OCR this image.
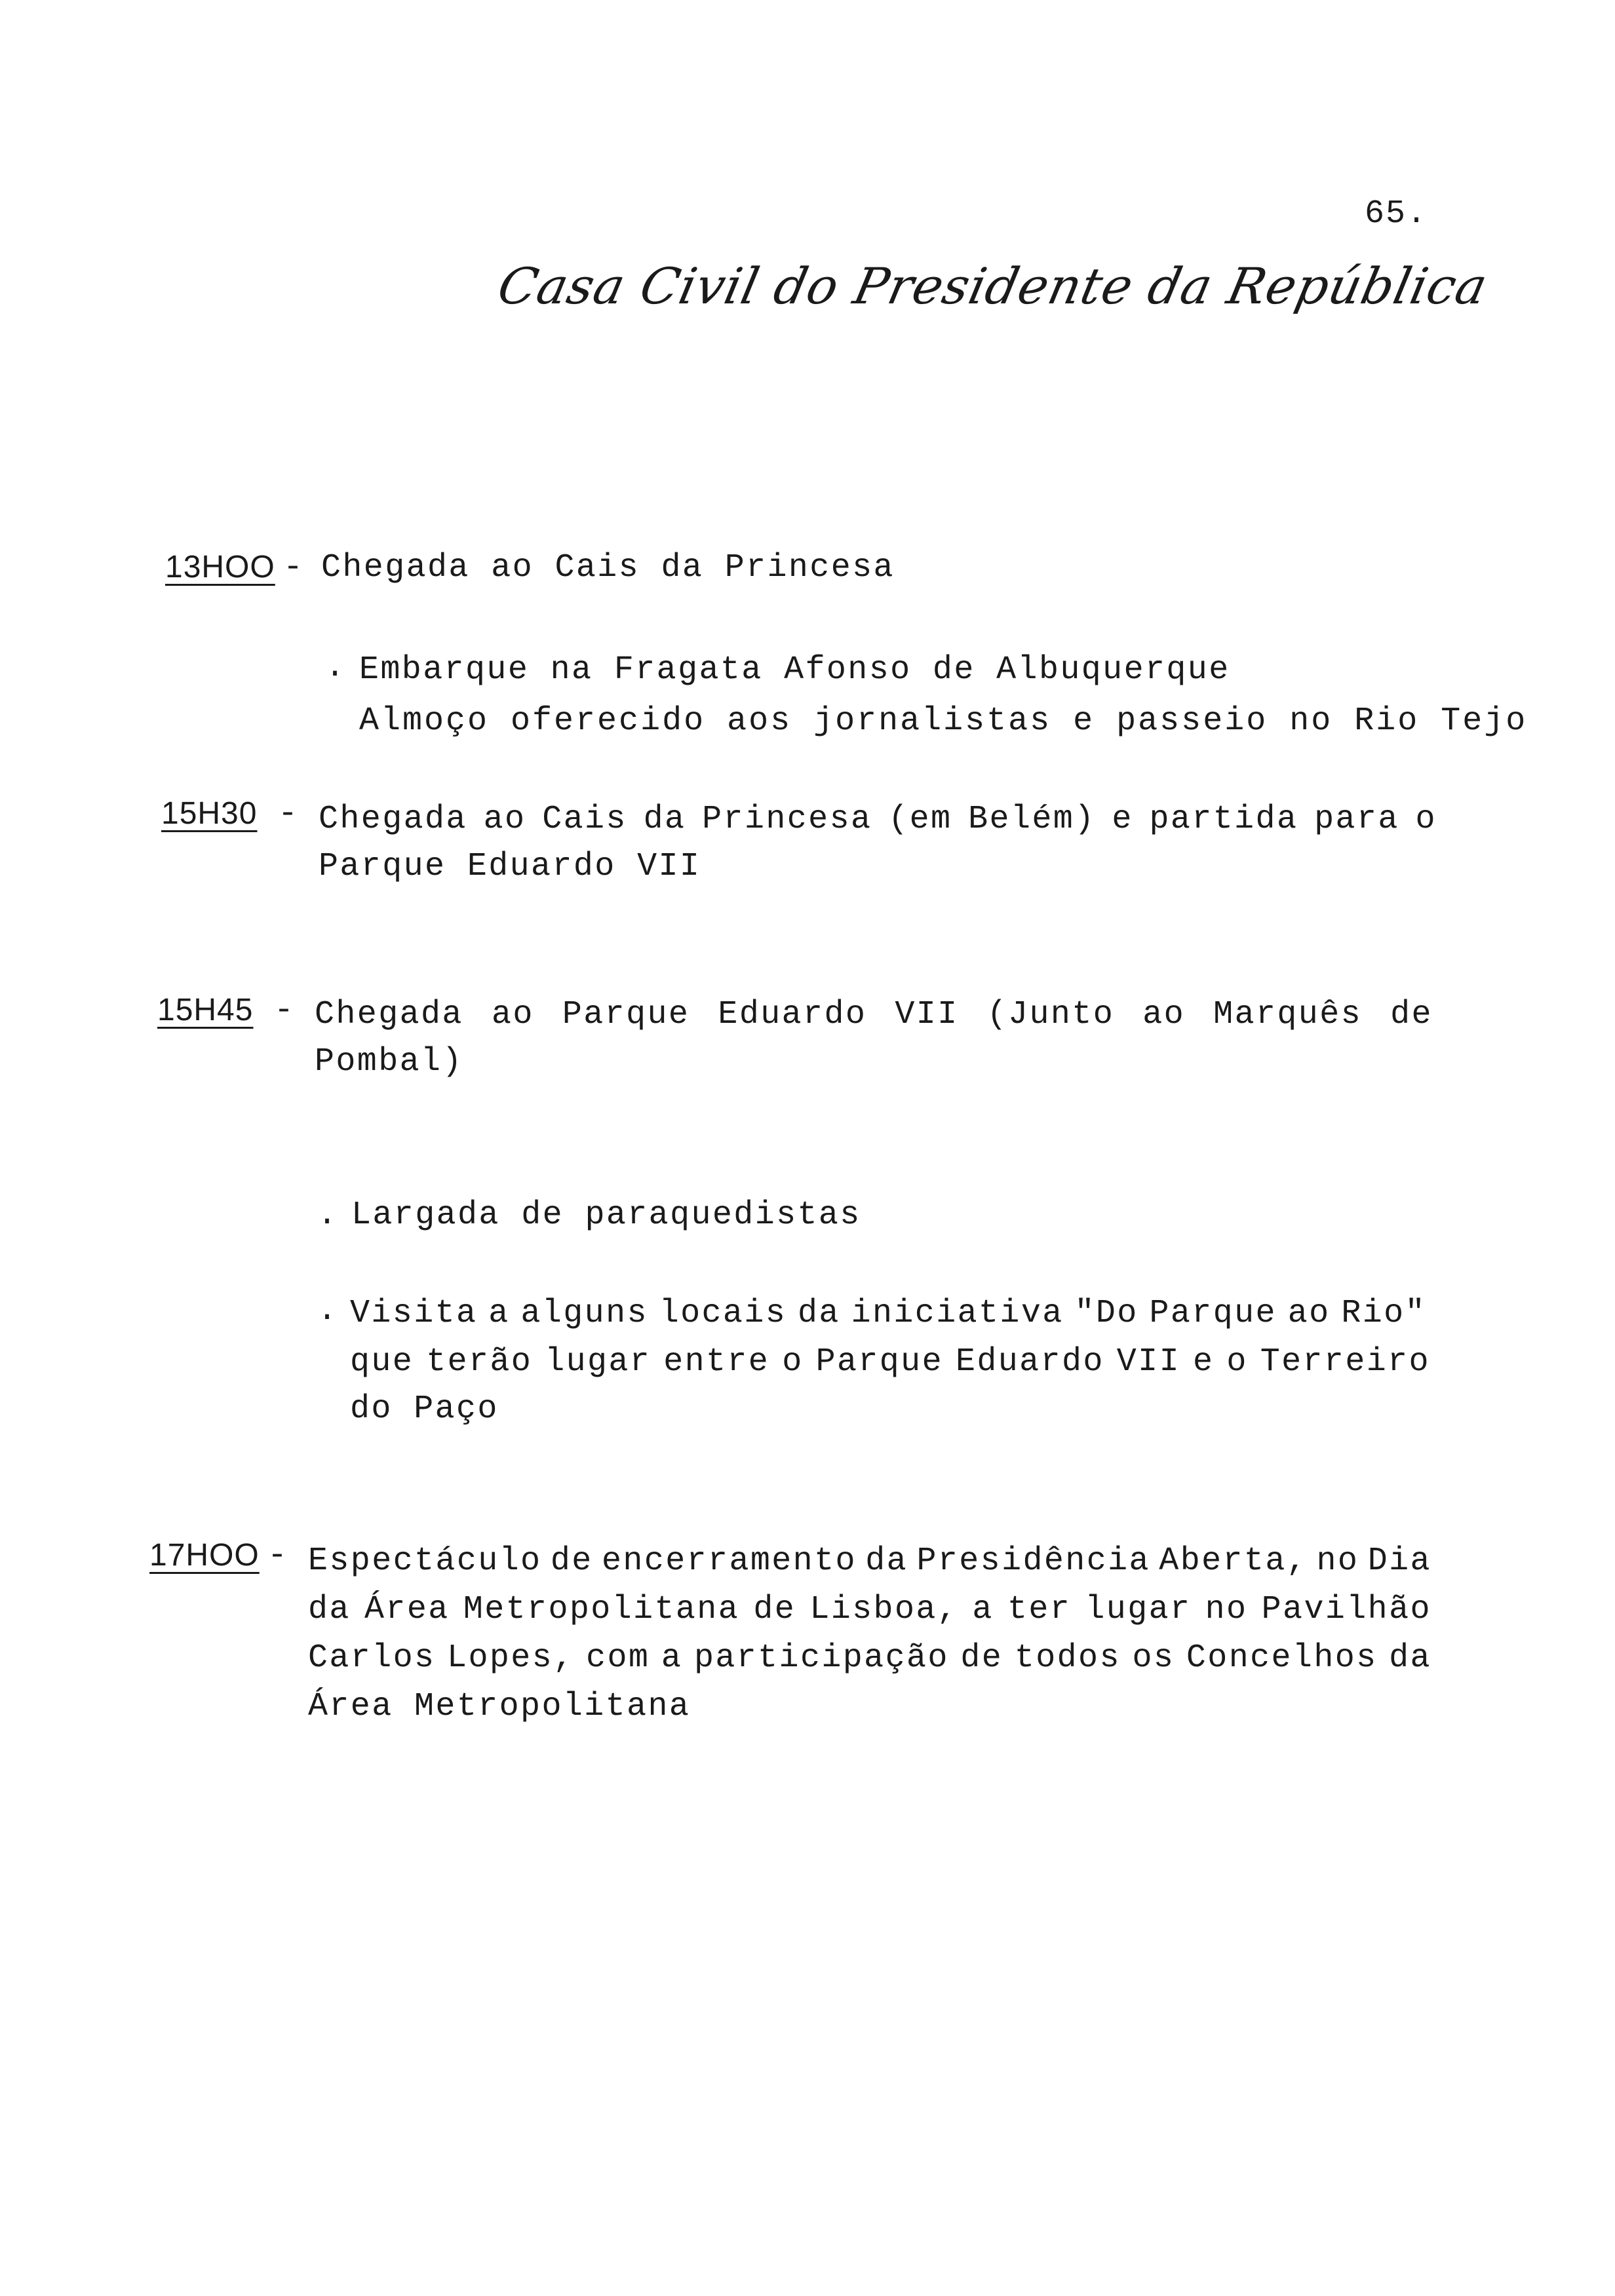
65.
Casa Civil do Presidente da República
13HOO - Chegada ao Cais da Princesa
. Embarque na Fragata Afonso de Albuquerque
Almoço oferecido aos jornalistas e passeio no Rio Tejo
15H30 - Chegada ao Cais da Princesa (em Belém) e partida para o
Parque Eduardo VII
15H45 - Chegada ao Parque Eduardo VII (Junto ao Marquês de
Pombal)
. Largada de paraquedistas
. Visita a alguns locais da iniciativa "Do Parque ao Rio"
que terão lugar entre o Parque Eduardo VII e o Terreiro
do Paço
17HOO - Espectáculo de encerramento da Presidência Aberta, no Dia
da Área Metropolitana de Lisboa, a ter lugar no Pavilhão
Carlos Lopes, com a participação de todos os Concelhos da
Área Metropolitana
